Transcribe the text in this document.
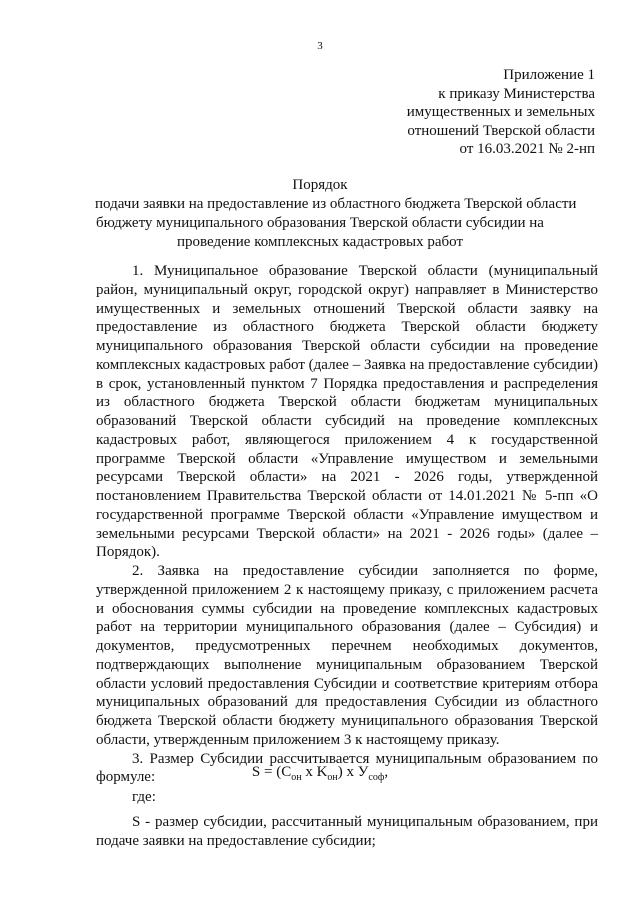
3
Приложение 1
к приказу Министерства
имущественных и земельных
отношений Тверской области
от 16.03.2021 № 2-нп
Порядок
подачи заявки на предоставление из областного бюджета Тверской области
бюджету муниципального образования Тверской области субсидии на
проведение комплексных кадастровых работ

1. Муниципальное образование Тверской области (муниципальный район, муниципальный округ, городской округ) направляет в Министерство имущественных и земельных отношений Тверской области заявку на предоставление из областного бюджета Тверской области бюджету муниципального образования Тверской области субсидии на проведение комплексных кадастровых работ (далее – Заявка на предоставление субсидии) в срок, установленный пунктом 7 Порядка предоставления и распределения из областного бюджета Тверской области бюджетам муниципальных образований Тверской области субсидий на проведение комплексных кадастровых работ, являющегося приложением 4 к государственной программе Тверской области «Управление имуществом и земельными ресурсами Тверской области» на 2021 - 2026 годы, утвержденной постановлением Правительства Тверской области от 14.01.2021 № 5-пп «О государственной программе Тверской области «Управление имуществом и земельными ресурсами Тверской области» на 2021 - 2026 годы» (далее – Порядок).

2. Заявка на предоставление субсидии заполняется по форме, утвержденной приложением 2 к настоящему приказу, с приложением расчета и обоснования суммы субсидии на проведение комплексных кадастровых работ на территории муниципального образования (далее – Субсидия) и документов, предусмотренных перечнем необходимых документов, подтверждающих выполнение муниципальным образованием Тверской области условий предоставления Субсидии и соответствие критериям отбора муниципальных образований для предоставления Субсидии из областного бюджета Тверской области бюджету муниципального образования Тверской области, утвержденным приложением 3 к настоящему приказу.

3. Размер Субсидии рассчитывается муниципальным образованием по формуле:	$S = (C_{он}$ x $K_{он}$) x $У_{соф}$,

где:

S - размер субсидии, рассчитанный муниципальным образованием, при подаче заявки на предоставление субсидии;
